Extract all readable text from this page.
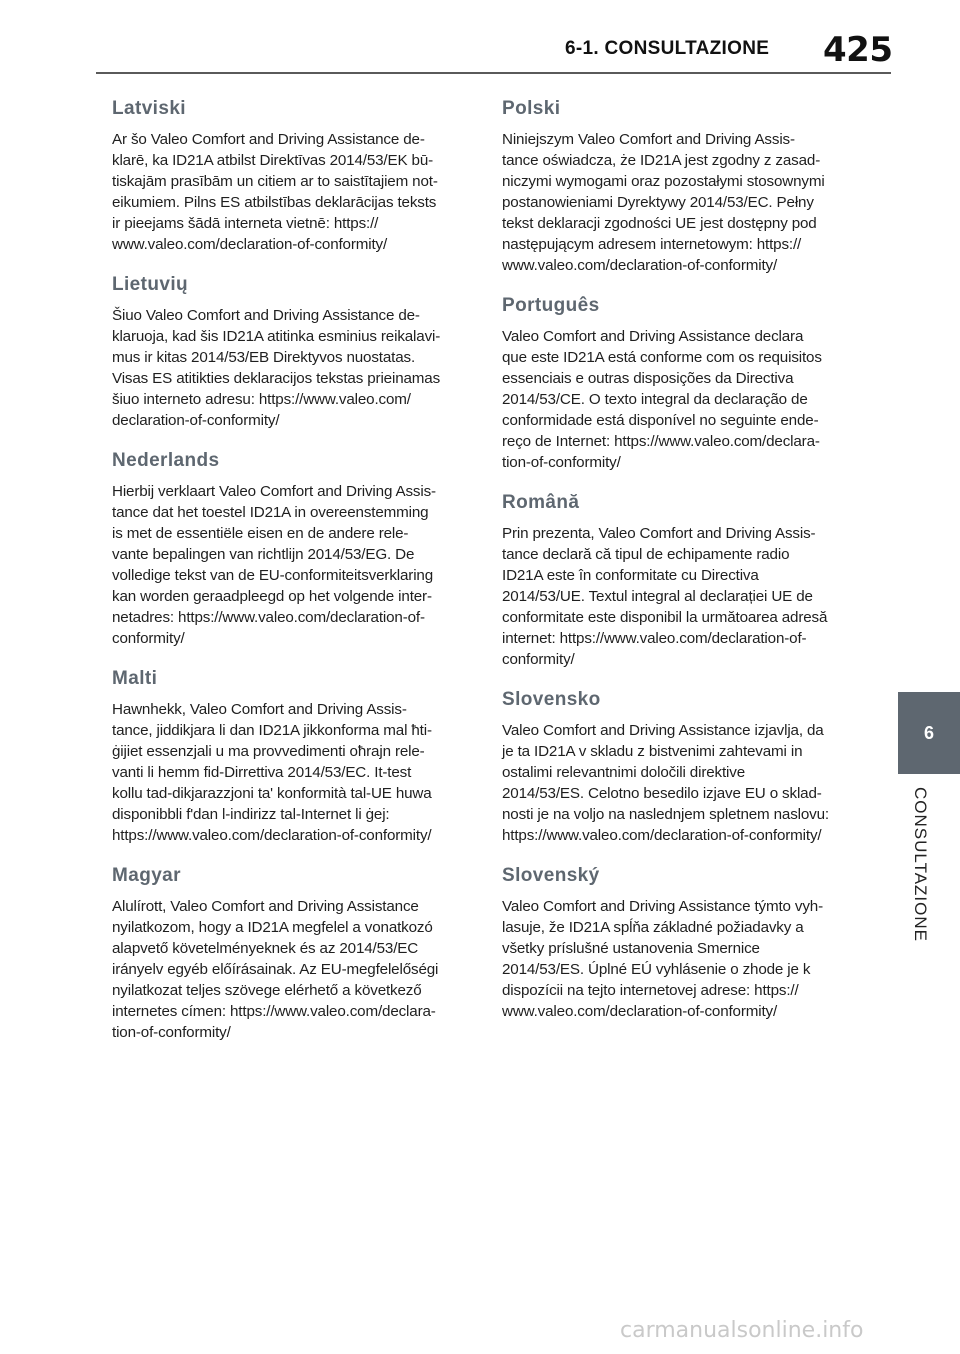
6-1. CONSULTAZIONE 425
Latviski

Ar šo Valeo Comfort and Driving Assistance de-
klarē, ka ID21A atbilst Direktīvas 2014/53/EK bū-
tiskajām prasībām un citiem ar to saistītajiem not-
eikumiem. Pilns ES atbilstības deklarācijas teksts
ir pieejams šādā interneta vietnē: https://
www.valeo.com/declaration-of-conformity/

Lietuvių

Šiuo Valeo Comfort and Driving Assistance de-
klaruoja, kad šis ID21A atitinka esminius reikalavi-
mus ir kitas 2014/53/EB Direktyvos nuostatas.
Visas ES atitikties deklaracijos tekstas prieinamas
šiuo interneto adresu: https://www.valeo.com/
declaration-of-conformity/

Nederlands

Hierbij verklaart Valeo Comfort and Driving Assis-
tance dat het toestel ID21A in overeenstemming
is met de essentiële eisen en de andere rele-
vante bepalingen van richtlijn 2014/53/EG. De
volledige tekst van de EU-conformiteitsverklaring
kan worden geraadpleegd op het volgende inter-
netadres: https://www.valeo.com/declaration-of-
conformity/

Malti

Hawnhekk, Valeo Comfort and Driving Assis-
tance, jiddikjara li dan ID21A jikkonforma mal ħti-
ġijiet essenzjali u ma provvedimenti oħrajn rele-
vanti li hemm fid-Dirrettiva 2014/53/EC. It-test
kollu tad-dikjarazzjoni ta' konformità tal-UE huwa
disponibbli f'dan l-indirizz tal-Internet li ġej:
https://www.valeo.com/declaration-of-conformity/

Magyar

Alulírott, Valeo Comfort and Driving Assistance
nyilatkozom, hogy a ID21A megfelel a vonatkozó
alapvető követelményeknek és az 2014/53/EC
irányelv egyéb előírásainak. Az EU-megfelelőségi
nyilatkozat teljes szövege elérhető a következő
internetes címen: https://www.valeo.com/declara-
tion-of-conformity/

Polski

Niniejszym Valeo Comfort and Driving Assis-
tance oświadcza, że ID21A jest zgodny z zasad-
niczymi wymogami oraz pozostałymi stosownymi
postanowieniami Dyrektywy 2014/53/EC. Pełny
tekst deklaracji zgodności UE jest dostępny pod
następującym adresem internetowym: https://
www.valeo.com/declaration-of-conformity/

Português

Valeo Comfort and Driving Assistance declara
que este ID21A está conforme com os requisitos
essenciais e outras disposições da Directiva
2014/53/CE. O texto integral da declaração de
conformidade está disponível no seguinte ende-
reço de Internet: https://www.valeo.com/declara-
tion-of-conformity/

Română

Prin prezenta, Valeo Comfort and Driving Assis-
tance declară că tipul de echipamente radio
ID21A este în conformitate cu Directiva
2014/53/UE. Textul integral al declarației UE de
conformitate este disponibil la următoarea adresă
internet: https://www.valeo.com/declaration-of-
conformity/

Slovensko

Valeo Comfort and Driving Assistance izjavlja, da
je ta ID21A v skladu z bistvenimi zahtevami in
ostalimi relevantnimi določili direktive
2014/53/ES. Celotno besedilo izjave EU o sklad-
nosti je na voljo na naslednjem spletnem naslovu:
https://www.valeo.com/declaration-of-conformity/

Slovenský

Valeo Comfort and Driving Assistance týmto vyh-
lasuje, že ID21A spĺňa základné požiadavky a
všetky príslušné ustanovenia Smernice
2014/53/ES. Úplné EÚ vyhlásenie o zhode je k
dispozícii na tejto internetovej adrese: https://
www.valeo.com/declaration-of-conformity/

6
CONSULTAZIONE
carmanualsonline.info
